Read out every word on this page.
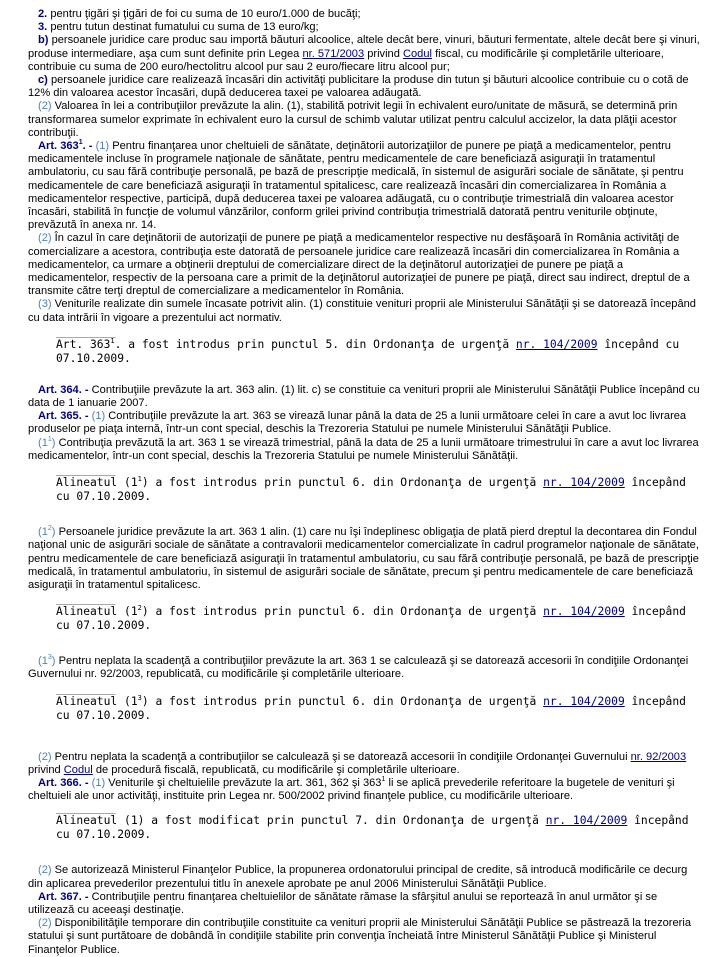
2. pentru ţigări şi ţigări de foi cu suma de 10 euro/1.000 de bucăţi;

3. pentru tutun destinat fumatului cu suma de 13 euro/kg;

b) persoanele juridice care produc sau importă băuturi alcoolice, altele decât bere, vinuri, băuturi fermentate, altele decât bere şi vinuri, produse intermediare, aşa cum sunt definite prin Legea nr. 571/2003 privind Codul fiscal, cu modificările şi completările ulterioare, contribuie cu suma de 200 euro/hectolitru alcool pur sau 2 euro/fiecare litru alcool pur;

c) persoanele juridice care realizează încasări din activităţi publicitare la produse din tutun şi băuturi alcoolice contribuie cu o cotă de 12% din valoarea acestor încasări, după deducerea taxei pe valoarea adăugată.

(2) Valoarea în lei a contribuţiilor prevăzute la alin. (1), stabilită potrivit legii în echivalent euro/unitate de măsură, se determină prin transformarea sumelor exprimate în echivalent euro la cursul de schimb valutar utilizat pentru calculul accizelor, la data plăţii acestor contribuţii.

Art. $363^1$. - (1) Pentru finanţarea unor cheltuieli de sănătate, deţinătorii autorizaţiilor de punere pe piaţă a medicamentelor, pentru medicamentele incluse în programele naţionale de sănătate, pentru medicamentele de care beneficiază asiguraţii în tratamentul ambulatoriu, cu sau fără contribuţie personală, pe bază de prescripţie medicală, în sistemul de asigurări sociale de sănătate, şi pentru medicamentele de care beneficiază asiguraţii în tratamentul spitalicesc, care realizează încasări din comercializarea în România a medicamentelor respective, participă, după deducerea taxei pe valoarea adăugată, cu o contribuţie trimestrială din valoarea acestor încasări, stabilită în funcţie de volumul vânzărilor, conform grilei privind contribuţia trimestrială datorată pentru veniturile obţinute, prevăzută în anexa nr. 14.

(2) În cazul în care deţinătorii de autorizaţii de punere pe piaţă a medicamentelor respective nu desfăşoară în România activităţi de comercializare a acestora, contribuţia este datorată de persoanele juridice care realizează încasări din comercializarea în România a medicamentelor, ca urmare a obţinerii dreptului de comercializare direct de la deţinătorul autorizaţiei de punere pe piaţă a medicamentelor, respectiv de la persoana care a primit de la deţinătorul autorizaţiei de punere pe piaţă, direct sau indirect, dreptul de a transmite către terţi dreptul de comercializare a medicamentelor în România.

(3) Veniturile realizate din sumele încasate potrivit alin. (1) constituie venituri proprii ale Ministerului Sănătăţii şi se datorează începând cu data intrării în vigoare a prezentului act normativ.

___________
Art. $363^1$. a fost introdus prin punctul 5. din Ordonanţa de urgenţă nr. 104/2009 începând cu 07.10.2009.

Art. 364. - Contribuţiile prevăzute la art. 363 alin. (1) lit. c) se constituie ca venituri proprii ale Ministerului Sănătăţii Publice începând cu data de 1 ianuarie 2007.

Art. 365. - (1) Contribuţiile prevăzute la art. 363 se virează lunar până la data de 25 a lunii următoare celei în care a avut loc livrarea produselor pe piaţa internă, într-un cont special, deschis la Trezoreria Statului pe numele Ministerului Sănătăţii Publice.

$(1^1)$ Contribuţia prevăzută la art. 363 1 se virează trimestrial, până la data de 25 a lunii următoare trimestrului în care a avut loc livrarea medicamentelor, într-un cont special, deschis la Trezoreria Statului pe numele Ministerului Sănătăţii.

___________
Alineatul $(1^1)$ a fost introdus prin punctul 6. din Ordonanţa de urgenţă nr. 104/2009 începând cu 07.10.2009.

$(1^2)$ Persoanele juridice prevăzute la art. 363 1 alin. (1) care nu îşi îndeplinesc obligaţia de plată pierd dreptul la decontarea din Fondul naţional unic de asigurări sociale de sănătate a contravalorii medicamentelor comercializate în cadrul programelor naţionale de sănătate, pentru medicamentele de care beneficiază asiguraţii în tratamentul ambulatoriu, cu sau fără contribuţie personală, pe bază de prescripţie medicală, în tratamentul ambulatoriu, în sistemul de asigurări sociale de sănătate, precum şi pentru medicamentele de care beneficiază asiguraţii în tratamentul spitalicesc.

___________
Alineatul $(1^2)$ a fost introdus prin punctul 6. din Ordonanţa de urgenţă nr. 104/2009 începând cu 07.10.2009.

$(1^3)$ Pentru neplata la scadenţă a contribuţiilor prevăzute la art. 363 1 se calculează şi se datorează accesorii în condiţiile Ordonanţei Guvernului nr. 92/2003, republicată, cu modificările şi completările ulterioare.

___________
Alineatul $(1^3)$ a fost introdus prin punctul 6. din Ordonanţa de urgenţă nr. 104/2009 începând cu 07.10.2009.

(2) Pentru neplata la scadenţă a contribuţiilor se calculează şi se datorează accesorii în condiţiile Ordonanţei Guvernului nr. 92/2003 privind Codul de procedură fiscală, republicată, cu modificările şi completările ulterioare.

Art. 366. - (1) Veniturile şi cheltuielile prevăzute la art. 361, 362 şi $363^1$ li se aplică prevederile referitoare la bugetele de venituri şi cheltuieli ale unor activităţi, instituite prin Legea nr. 500/2002 privind finanţele publice, cu modificările ulterioare.

___________
Alineatul (1) a fost modificat prin punctul 7. din Ordonanţa de urgenţă nr. 104/2009 începând cu 07.10.2009.

(2) Se autorizează Ministerul Finanţelor Publice, la propunerea ordonatorului principal de credite, să introducă modificările ce decurg din aplicarea prevederilor prezentului titlu în anexele aprobate pe anul 2006 Ministerului Sănătăţii Publice.

Art. 367. - Contribuţiile pentru finanţarea cheltuielilor de sănătate rămase la sfârşitul anului se reportează în anul următor şi se utilizează cu aceeaşi destinaţie.

(2) Disponibilităţile temporare din contribuţiile constituite ca venituri proprii ale Ministerului Sănătăţii Publice se păstrează la trezoreria statului şi sunt purtătoare de dobândă în condiţiile stabilite prin convenţia încheiată între Ministerul Sănătăţii Publice şi Ministerul Finanţelor Publice.
